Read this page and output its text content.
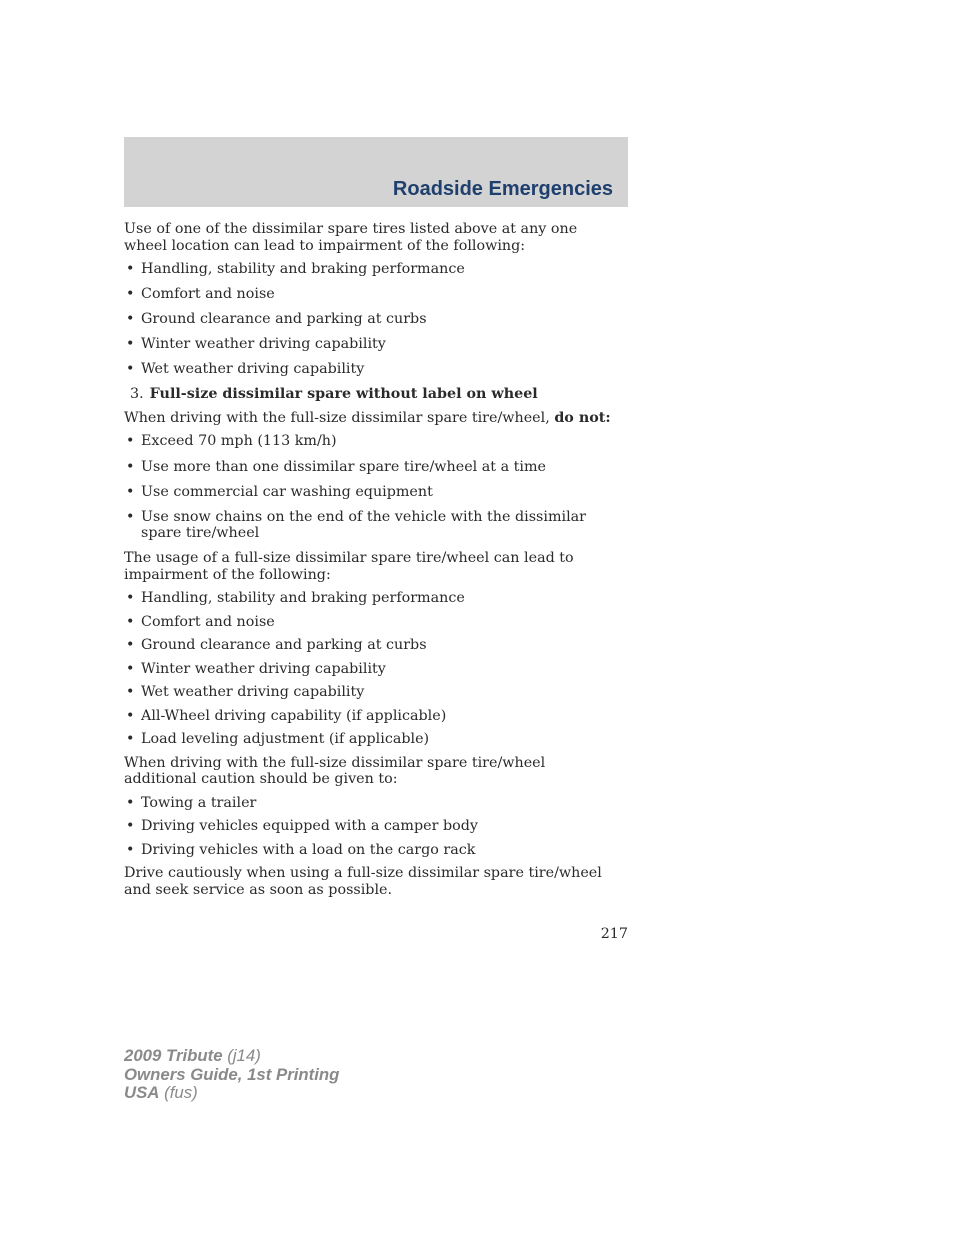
Roadside Emergencies

Use of one of the dissimilar spare tires listed above at any one wheel location can lead to impairment of the following:

• Handling, stability and braking performance
• Comfort and noise
• Ground clearance and parking at curbs
• Winter weather driving capability
• Wet weather driving capability

3. Full-size dissimilar spare without label on wheel

When driving with the full-size dissimilar spare tire/wheel, do not:

• Exceed 70 mph (113 km/h)
• Use more than one dissimilar spare tire/wheel at a time
• Use commercial car washing equipment
• Use snow chains on the end of the vehicle with the dissimilar spare tire/wheel

The usage of a full-size dissimilar spare tire/wheel can lead to impairment of the following:

• Handling, stability and braking performance
• Comfort and noise
• Ground clearance and parking at curbs
• Winter weather driving capability
• Wet weather driving capability
• All-Wheel driving capability (if applicable)
• Load leveling adjustment (if applicable)

When driving with the full-size dissimilar spare tire/wheel additional caution should be given to:

• Towing a trailer
• Driving vehicles equipped with a camper body
• Driving vehicles with a load on the cargo rack

Drive cautiously when using a full-size dissimilar spare tire/wheel and seek service as soon as possible.

217
2009 Tribute (j14)
Owners Guide, 1st Printing
USA (fus)
